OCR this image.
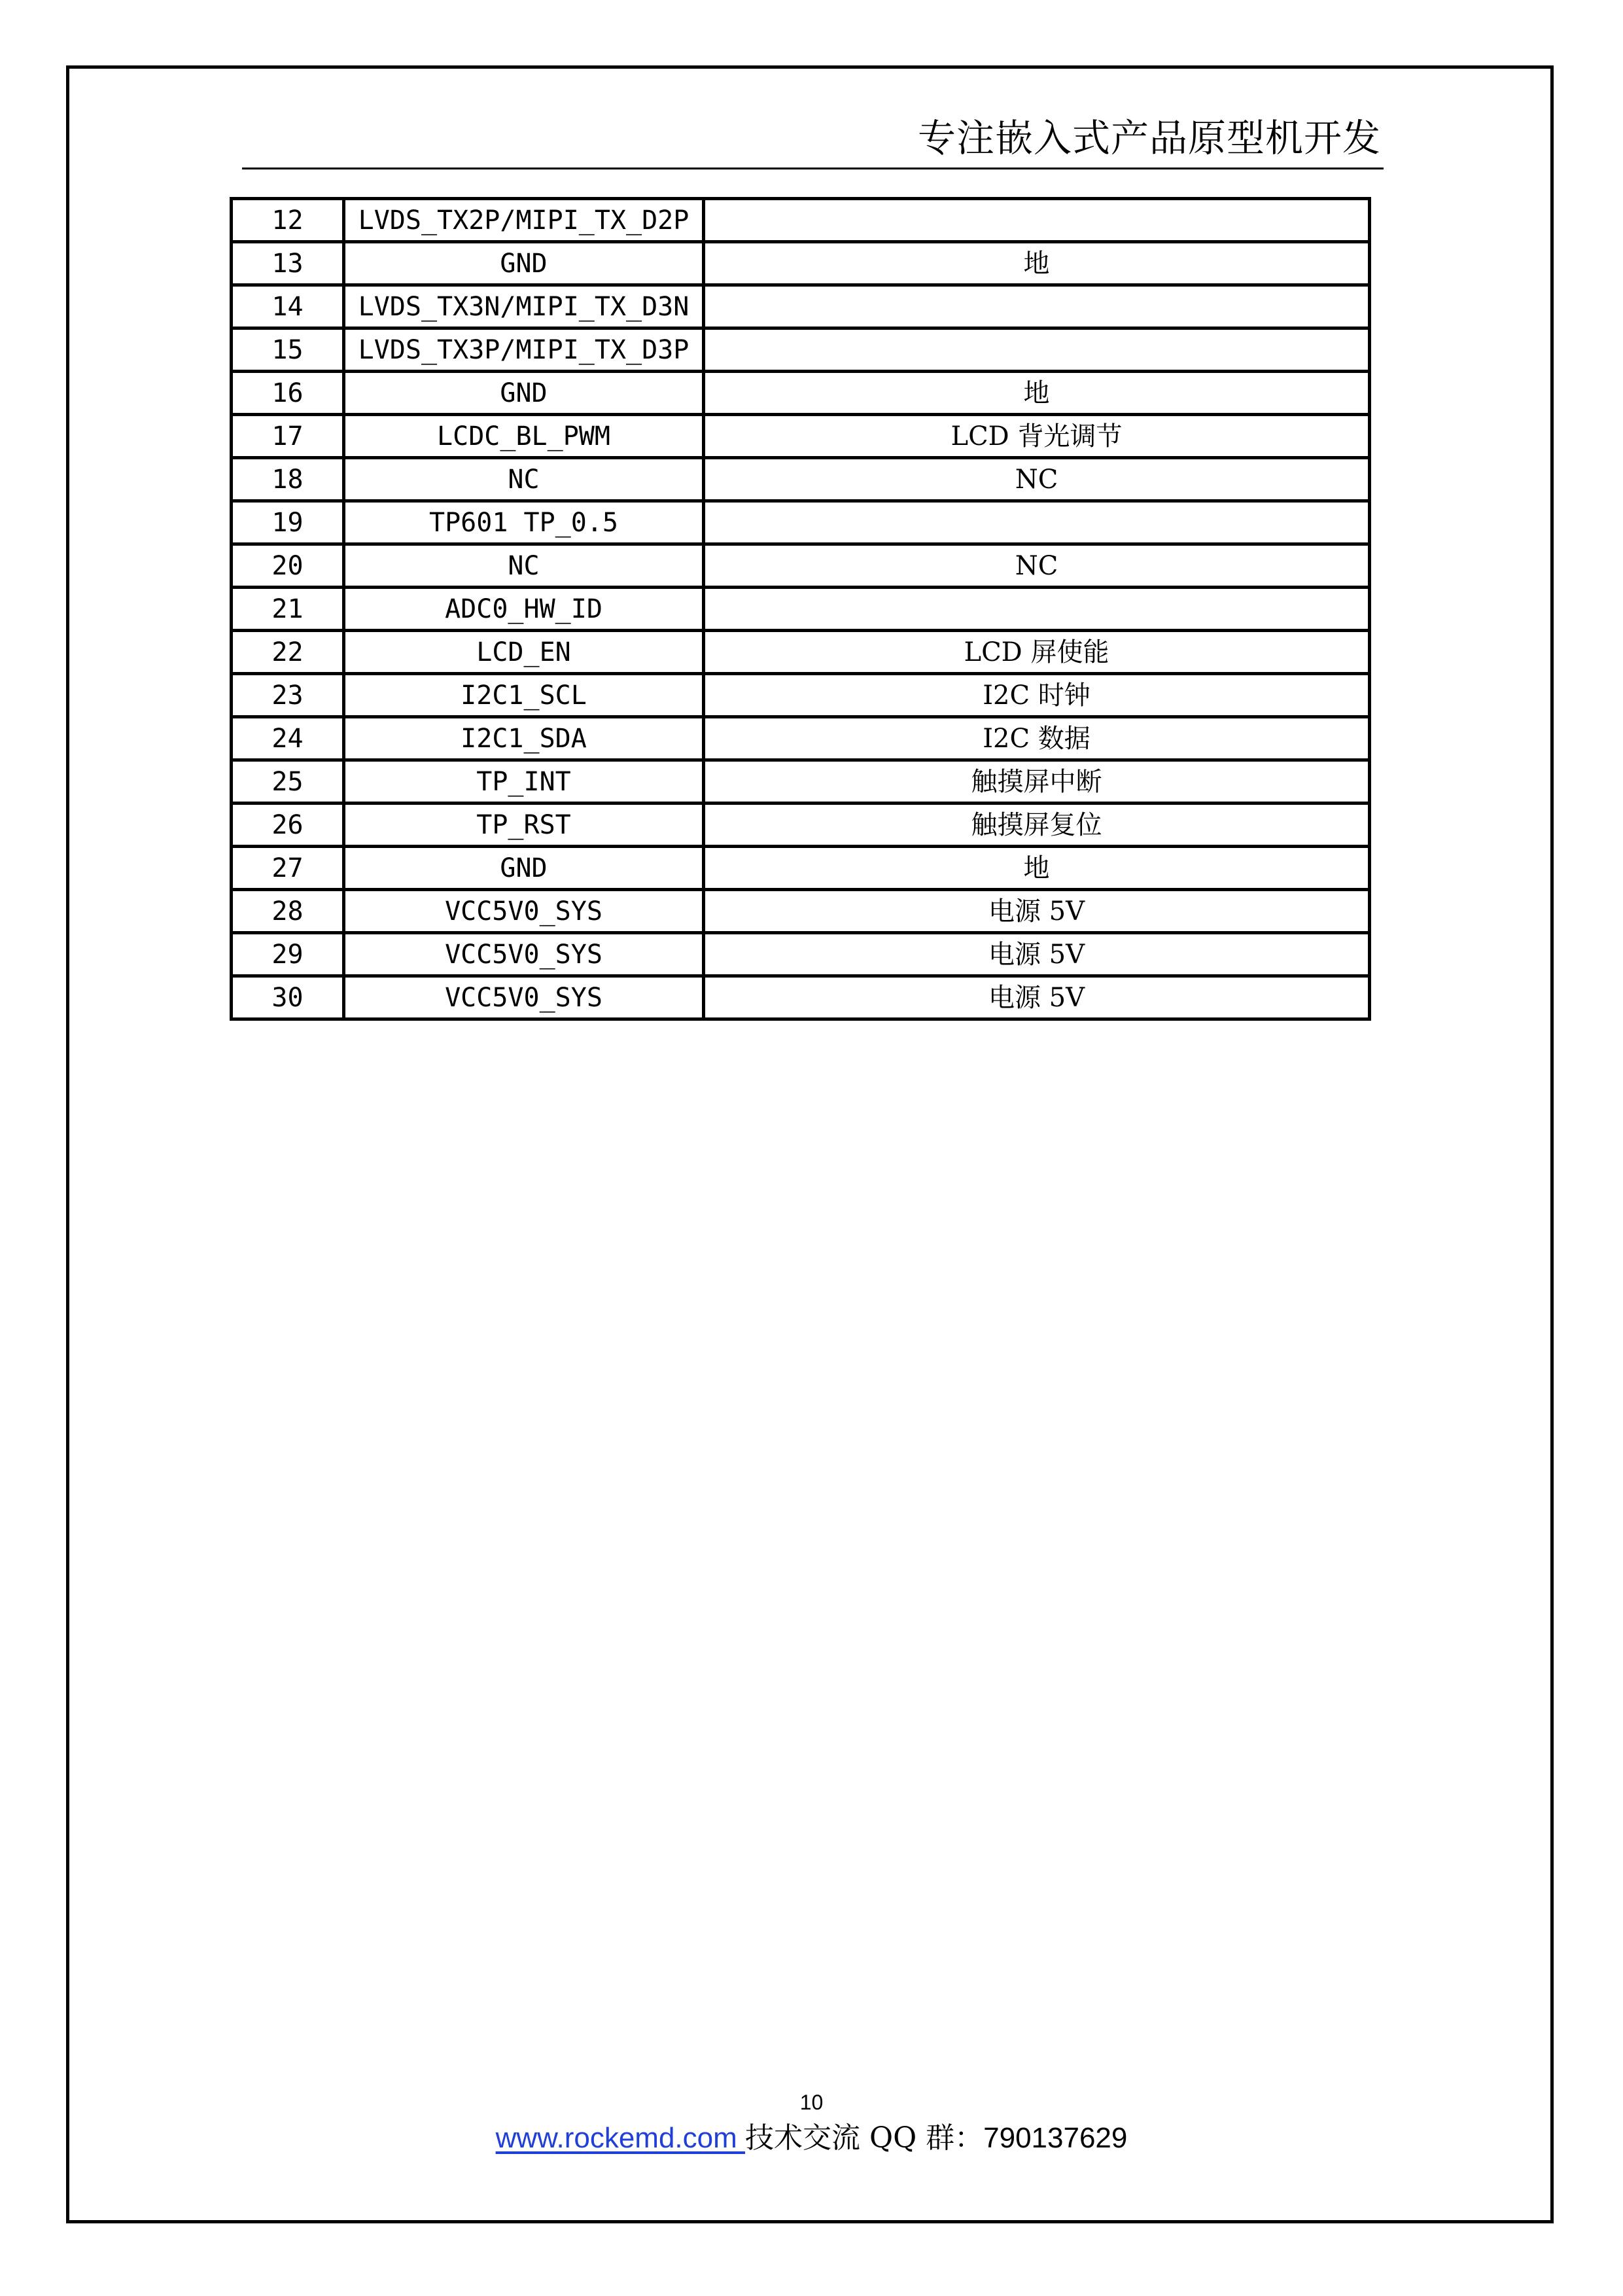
专注嵌入式产品原型机开发
12	LVDS_TX2P/MIPI_TX_D2P	
13	GND	地
14	LVDS_TX3N/MIPI_TX_D3N	
15	LVDS_TX3P/MIPI_TX_D3P	
16	GND	地
17	LCDC_BL_PWM	LCD 背光调节
18	NC	NC
19	TP601 TP_0.5	
20	NC	NC
21	ADC0_HW_ID	
22	LCD_EN	LCD 屏使能
23	I2C1_SCL	I2C 时钟
24	I2C1_SDA	I2C 数据
25	TP_INT	触摸屏中断
26	TP_RST	触摸屏复位
27	GND	地
28	VCC5V0_SYS	电源 5V
29	VCC5V0_SYS	电源 5V
30	VCC5V0_SYS	电源 5V
10
www.rockemd.com 技术交流 QQ 群：790137629
